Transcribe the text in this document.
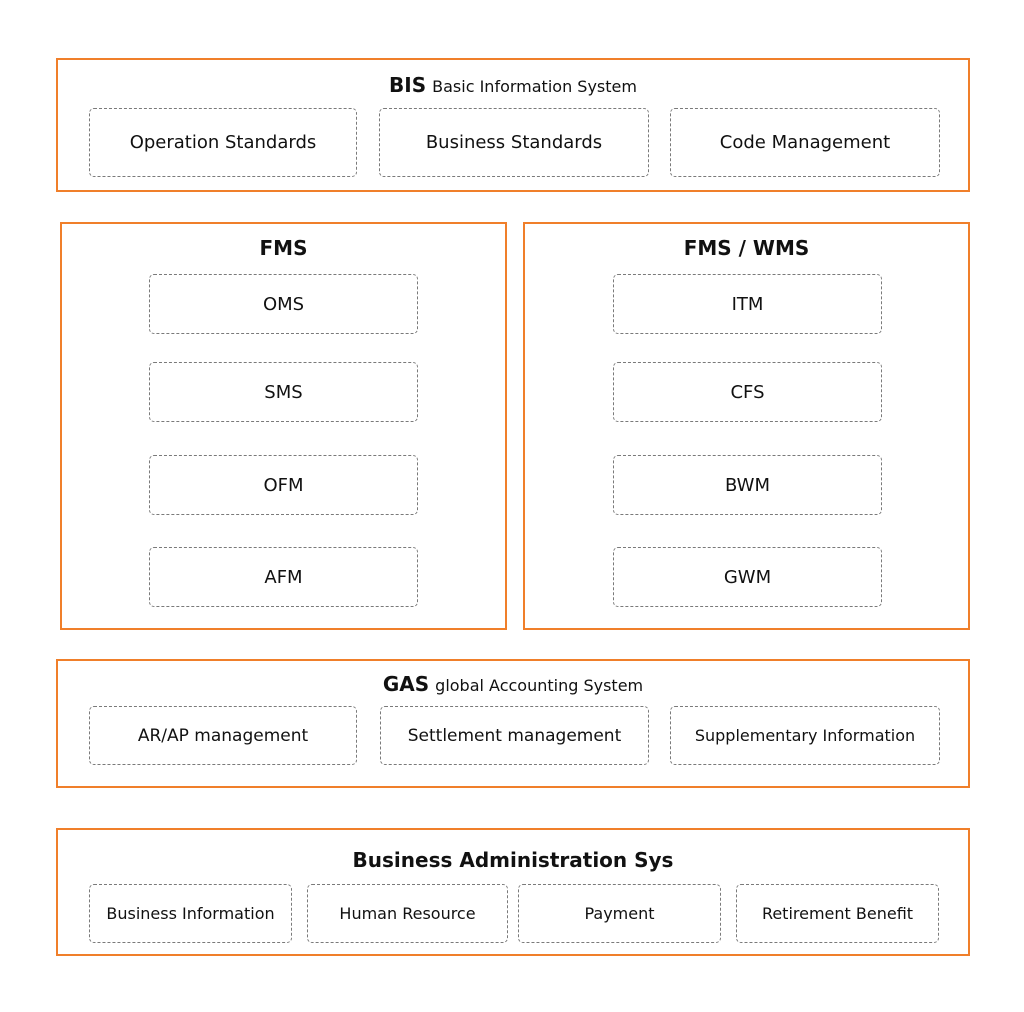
BIS Basic Information System
Operation Standards	Business Standards	Code Management
FMS
OMS
SMS
OFM
AFM
FMS / WMS
ITM
CFS
BWM
GWM
GAS global Accounting System
AR/AP management	Settlement management	Supplementary Information
Business Administration Sys
Business Information	Human Resource	Payment	Retirement Benefit
